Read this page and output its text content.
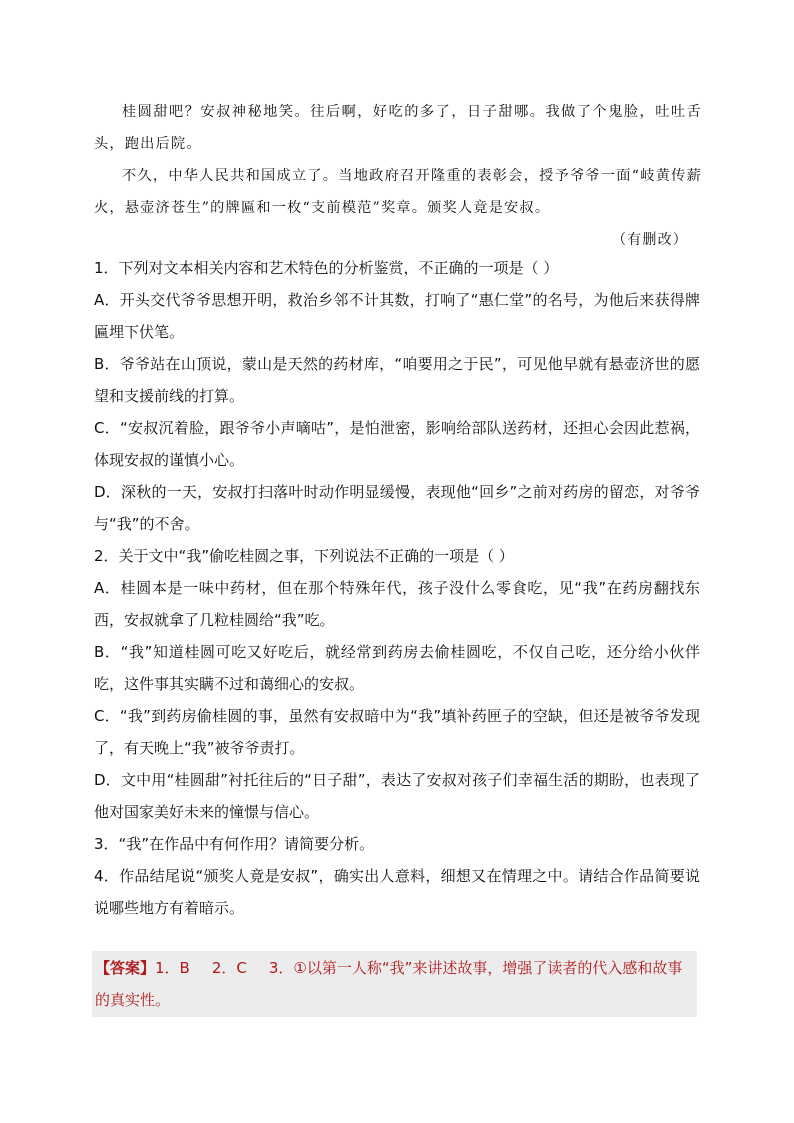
桂圆甜吧？安叔神秘地笑。往后啊，好吃的多了，日子甜哪。我做了个鬼脸，吐吐舌头，跑出后院。

不久，中华人民共和国成立了。当地政府召开隆重的表彰会，授予爷爷一面“岐黄传薪火，悬壶济苍生”的牌匾和一枚“支前模范”奖章。颁奖人竟是安叔。

（有删改）

1．下列对文本相关内容和艺术特色的分析鉴赏，不正确的一项是（ ）

A．开头交代爷爷思想开明，救治乡邻不计其数，打响了“惠仁堂”的名号，为他后来获得牌匾埋下伏笔。

B．爷爷站在山顶说，蒙山是天然的药材库，“咱要用之于民”，可见他早就有悬壶济世的愿望和支援前线的打算。

C．“安叔沉着脸，跟爷爷小声嘀咕”，是怕泄密，影响给部队送药材，还担心会因此惹祸，体现安叔的谨慎小心。

D．深秋的一天，安叔打扫落叶时动作明显缓慢，表现他“回乡”之前对药房的留恋，对爷爷与“我”的不舍。

2．关于文中“我”偷吃桂圆之事，下列说法不正确的一项是（ ）

A．桂圆本是一味中药材，但在那个特殊年代，孩子没什么零食吃，见“我”在药房翻找东西，安叔就拿了几粒桂圆给“我”吃。

B．“我”知道桂圆可吃又好吃后，就经常到药房去偷桂圆吃，不仅自己吃，还分给小伙伴吃，这件事其实瞒不过和蔼细心的安叔。

C．“我”到药房偷桂圆的事，虽然有安叔暗中为“我”填补药匣子的空缺，但还是被爷爷发现了，有天晚上“我”被爷爷责打。

D．文中用“桂圆甜”衬托往后的“日子甜”，表达了安叔对孩子们幸福生活的期盼，也表现了他对国家美好未来的憧憬与信心。

3．“我”在作品中有何作用？请简要分析。

4．作品结尾说“颁奖人竟是安叔”，确实出人意料，细想又在情理之中。请结合作品简要说说哪些地方有着暗示。

【答案】1．B 2．C 3．①以第一人称“我”来讲述故事，增强了读者的代入感和故事的真实性。
